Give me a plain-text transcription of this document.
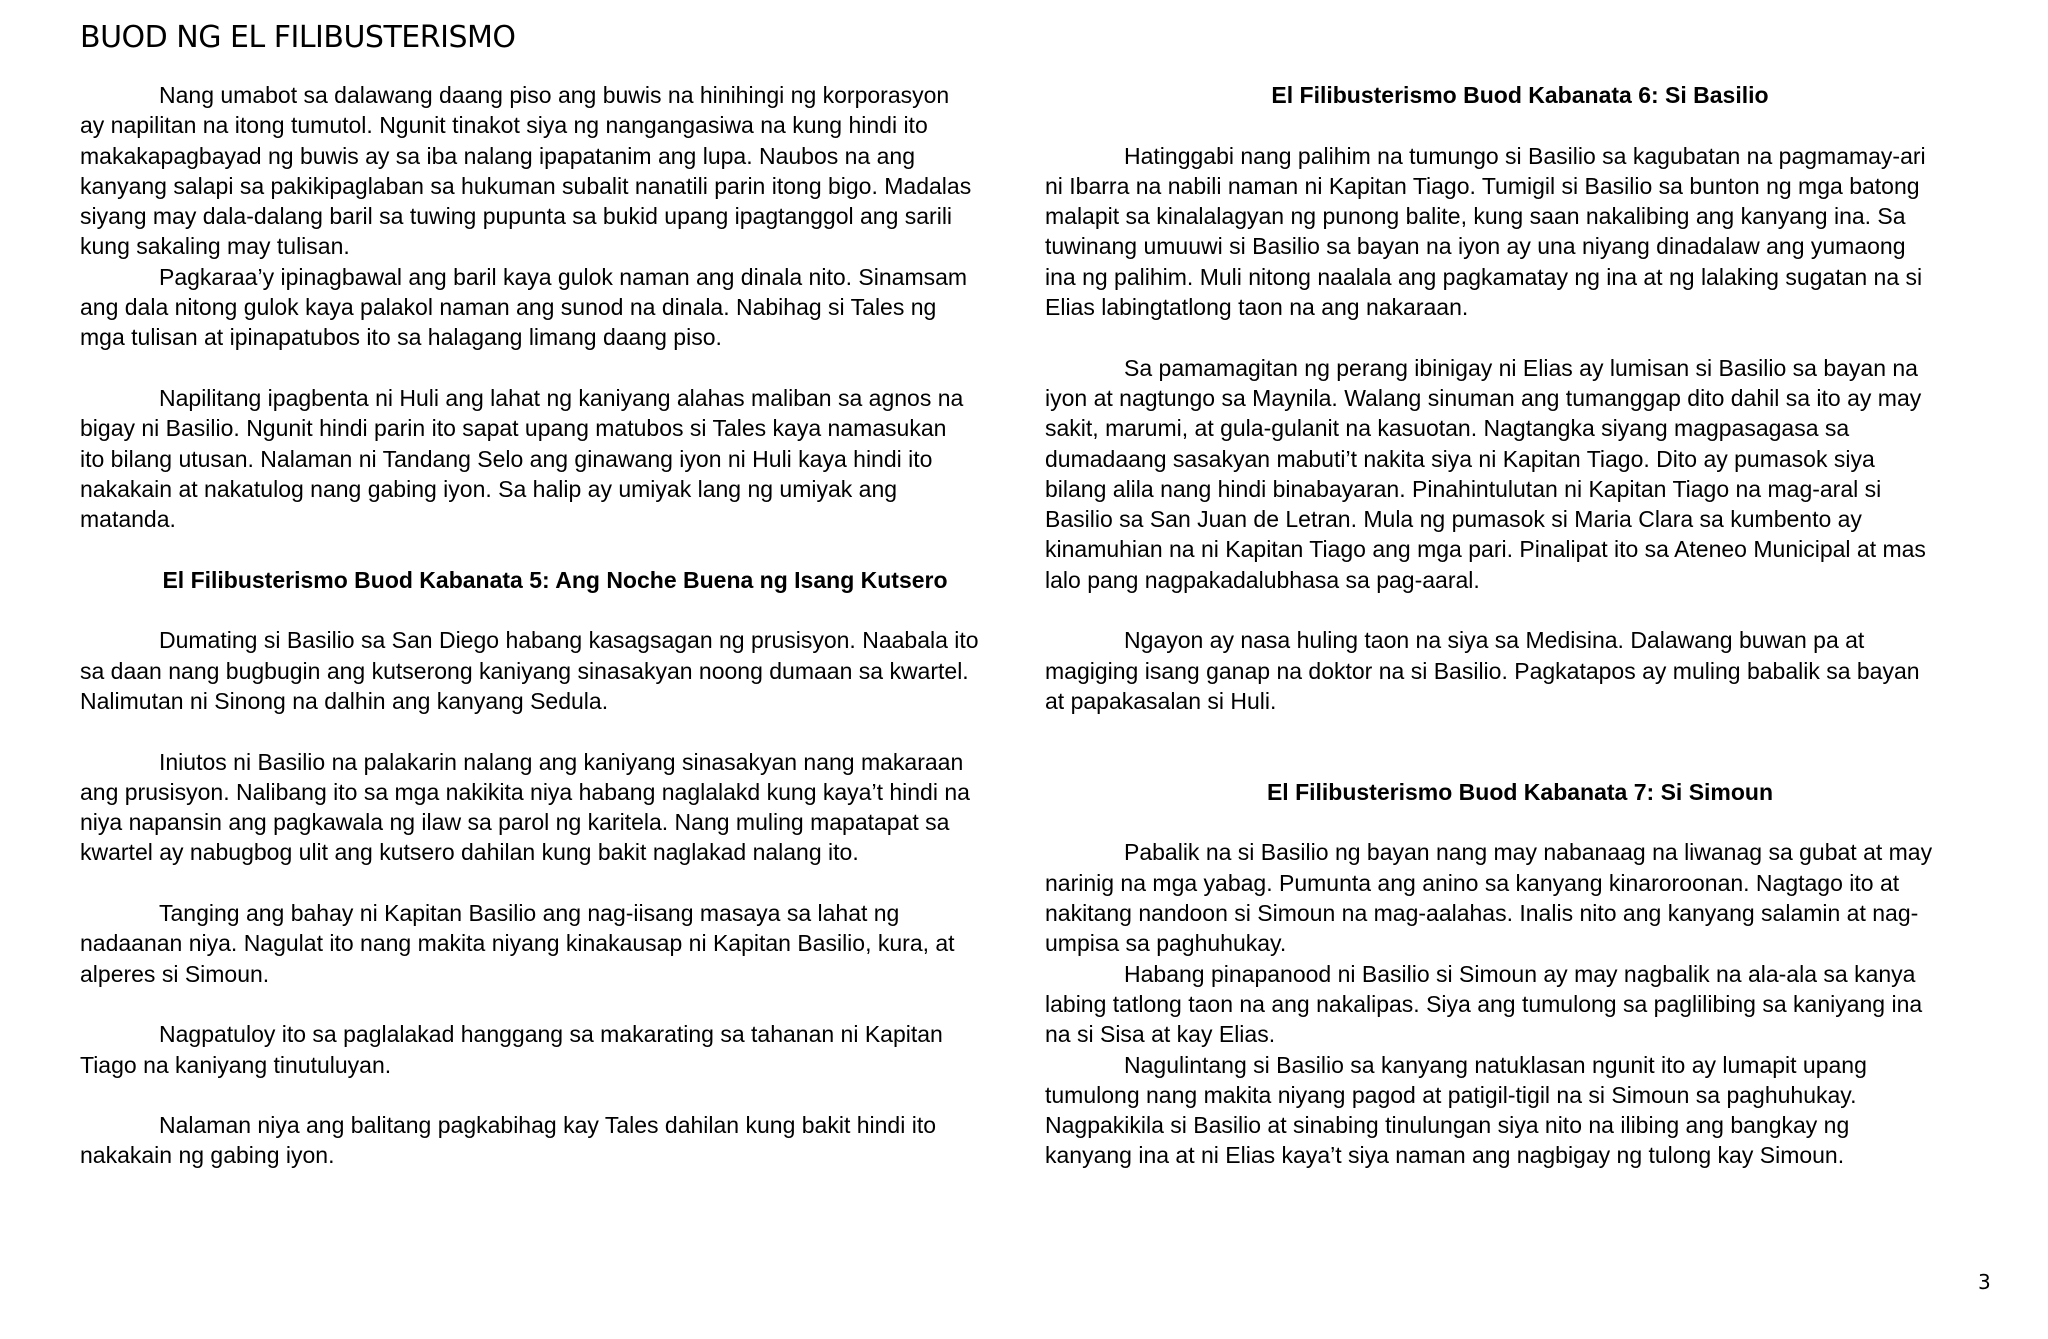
BUOD NG EL FILIBUSTERISMO

Nang umabot sa dalawang daang piso ang buwis na hinihingi ng korporasyon
ay napilitan na itong tumutol. Ngunit tinakot siya ng nangangasiwa na kung hindi ito
makakapagbayad ng buwis ay sa iba nalang ipapatanim ang lupa. Naubos na ang
kanyang salapi sa pakikipaglaban sa hukuman subalit nanatili parin itong bigo. Madalas
siyang may dala-dalang baril sa tuwing pupunta sa bukid upang ipagtanggol ang sarili
kung sakaling may tulisan.

Pagkaraa’y ipinagbawal ang baril kaya gulok naman ang dinala nito. Sinamsam
ang dala nitong gulok kaya palakol naman ang sunod na dinala. Nabihag si Tales ng
mga tulisan at ipinapatubos ito sa halagang limang daang piso.

Napilitang ipagbenta ni Huli ang lahat ng kaniyang alahas maliban sa agnos na
bigay ni Basilio. Ngunit hindi parin ito sapat upang matubos si Tales kaya namasukan
ito bilang utusan. Nalaman ni Tandang Selo ang ginawang iyon ni Huli kaya hindi ito
nakakain at nakatulog nang gabing iyon. Sa halip ay umiyak lang ng umiyak ang
matanda.

El Filibusterismo Buod Kabanata 5: Ang Noche Buena ng Isang Kutsero

Dumating si Basilio sa San Diego habang kasagsagan ng prusisyon. Naabala ito
sa daan nang bugbugin ang kutserong kaniyang sinasakyan noong dumaan sa kwartel.
Nalimutan ni Sinong na dalhin ang kanyang Sedula.

Iniutos ni Basilio na palakarin nalang ang kaniyang sinasakyan nang makaraan
ang prusisyon. Nalibang ito sa mga nakikita niya habang naglalakd kung kaya’t hindi na
niya napansin ang pagkawala ng ilaw sa parol ng karitela. Nang muling mapatapat sa
kwartel ay nabugbog ulit ang kutsero dahilan kung bakit naglakad nalang ito.

Tanging ang bahay ni Kapitan Basilio ang nag-iisang masaya sa lahat ng
nadaanan niya. Nagulat ito nang makita niyang kinakausap ni Kapitan Basilio, kura, at
alperes si Simoun.

Nagpatuloy ito sa paglalakad hanggang sa makarating sa tahanan ni Kapitan
Tiago na kaniyang tinutuluyan.

Nalaman niya ang balitang pagkabihag kay Tales dahilan kung bakit hindi ito
nakakain ng gabing iyon.

El Filibusterismo Buod Kabanata 6: Si Basilio

Hatinggabi nang palihim na tumungo si Basilio sa kagubatan na pagmamay-ari
ni Ibarra na nabili naman ni Kapitan Tiago. Tumigil si Basilio sa bunton ng mga batong
malapit sa kinalalagyan ng punong balite, kung saan nakalibing ang kanyang ina. Sa
tuwinang umuuwi si Basilio sa bayan na iyon ay una niyang dinadalaw ang yumaong
ina ng palihim. Muli nitong naalala ang pagkamatay ng ina at ng lalaking sugatan na si
Elias labingtatlong taon na ang nakaraan.

Sa pamamagitan ng perang ibinigay ni Elias ay lumisan si Basilio sa bayan na
iyon at nagtungo sa Maynila. Walang sinuman ang tumanggap dito dahil sa ito ay may
sakit, marumi, at gula-gulanit na kasuotan. Nagtangka siyang magpasagasa sa
dumadaang sasakyan mabuti’t nakita siya ni Kapitan Tiago. Dito ay pumasok siya
bilang alila nang hindi binabayaran. Pinahintulutan ni Kapitan Tiago na mag-aral si
Basilio sa San Juan de Letran. Mula ng pumasok si Maria Clara sa kumbento ay
kinamuhian na ni Kapitan Tiago ang mga pari. Pinalipat ito sa Ateneo Municipal at mas
lalo pang nagpakadalubhasa sa pag-aaral.

Ngayon ay nasa huling taon na siya sa Medisina. Dalawang buwan pa at
magiging isang ganap na doktor na si Basilio. Pagkatapos ay muling babalik sa bayan
at papakasalan si Huli.

El Filibusterismo Buod Kabanata 7: Si Simoun

Pabalik na si Basilio ng bayan nang may nabanaag na liwanag sa gubat at may
narinig na mga yabag. Pumunta ang anino sa kanyang kinaroroonan. Nagtago ito at
nakitang nandoon si Simoun na mag-aalahas. Inalis nito ang kanyang salamin at nag-
umpisa sa paghuhukay.

Habang pinapanood ni Basilio si Simoun ay may nagbalik na ala-ala sa kanya
labing tatlong taon na ang nakalipas. Siya ang tumulong sa paglilibing sa kaniyang ina
na si Sisa at kay Elias.

Nagulintang si Basilio sa kanyang natuklasan ngunit ito ay lumapit upang
tumulong nang makita niyang pagod at patigil-tigil na si Simoun sa paghuhukay.
Nagpakikila si Basilio at sinabing tinulungan siya nito na ilibing ang bangkay ng
kanyang ina at ni Elias kaya’t siya naman ang nagbigay ng tulong kay Simoun.

3
